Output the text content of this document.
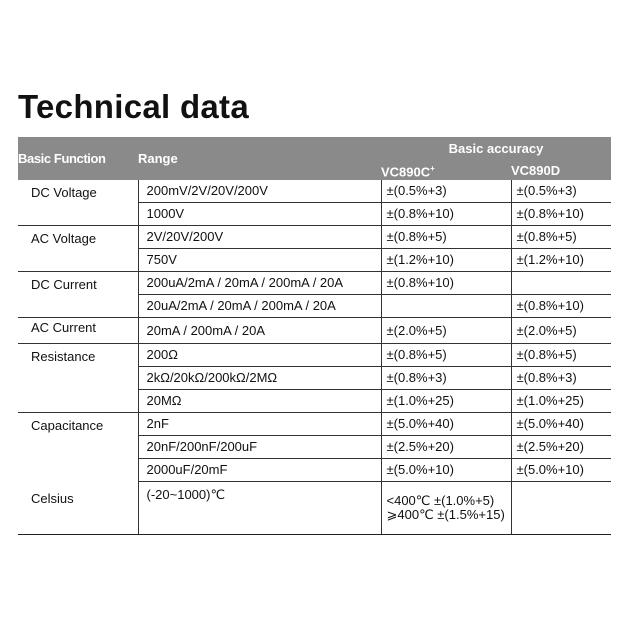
Technical data
Basic Function	Range	Basic accuracy	
		VC890C+	VC890D
DC Voltage	200mV/2V/20V/200V	±(0.5%+3)	±(0.5%+3)
	1000V	±(0.8%+10)	±(0.8%+10)
AC Voltage	2V/20V/200V	±(0.8%+5)	±(0.8%+5)
	750V	±(1.2%+10)	±(1.2%+10)
DC Current	200uA/2mA / 20mA / 200mA / 20A	±(0.8%+10)	
	20uA/2mA / 20mA / 200mA / 20A		±(0.8%+10)
AC Current	20mA / 200mA / 20A	±(2.0%+5)	±(2.0%+5)
Resistance	200Ω	±(0.8%+5)	±(0.8%+5)
	2kΩ/20kΩ/200kΩ/2MΩ	±(0.8%+3)	±(0.8%+3)
	20MΩ	±(1.0%+25)	±(1.0%+25)
Capacitance	2nF	±(5.0%+40)	±(5.0%+40)
	20nF/200nF/200uF	±(2.5%+20)	±(2.5%+20)
	2000uF/20mF	±(5.0%+10)	±(5.0%+10)
Celsius	(-20~1000)℃	<400℃ ±(1.0%+5)
⩾400℃ ±(1.5%+15)	
